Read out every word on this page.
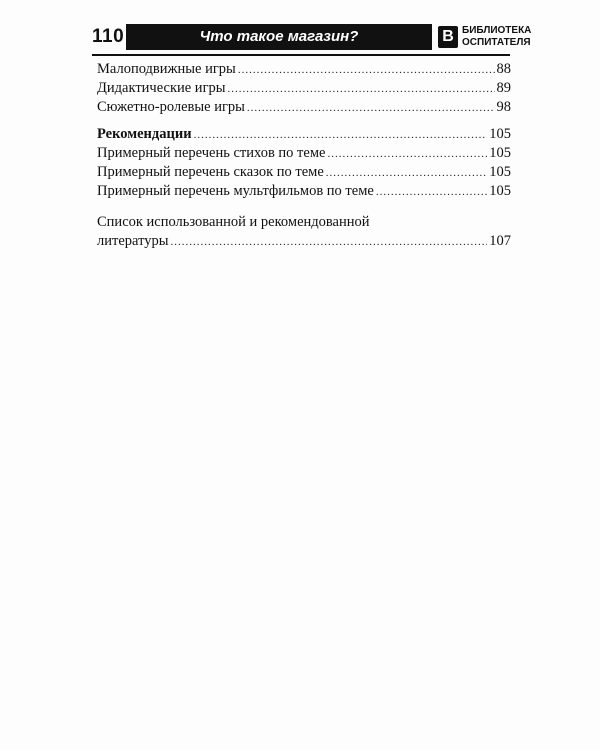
110	Что такое магазин?	В БИБЛИОТЕКА
ОСПИТАТЕЛЯ
Малоподвижные игры .....	88
Дидактические игры .....	89
Сюжетно-ролевые игры .....	98
Рекомендации .....	105
Примерный перечень стихов по теме .....	105
Примерный перечень сказок по теме .....	105
Примерный перечень мультфильмов по теме .....	105
Список использованной и рекомендованной
литературы .....	107
